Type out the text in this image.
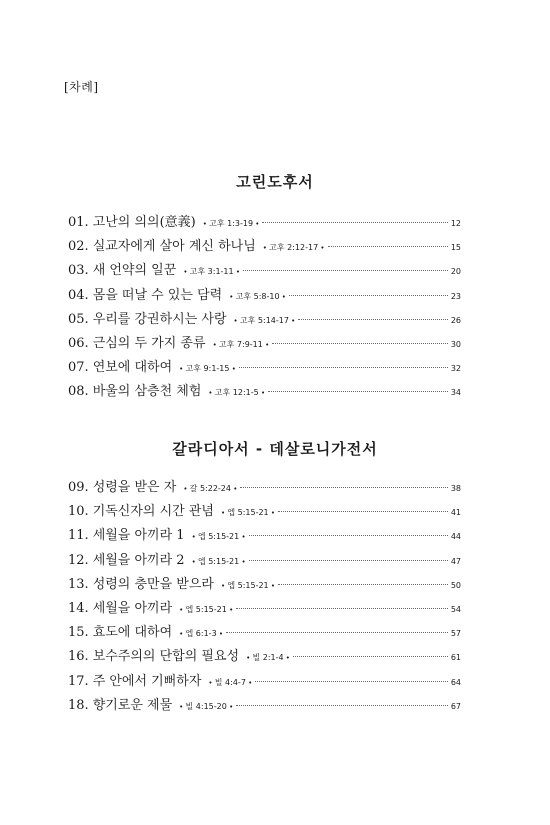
[차례]
고린도후서
01. 고난의 의의(意義)	• 고후 1:3-19 •	12
02. 실교자에게 살아 계신 하나님	• 고후 2:12-17 •	15
03. 새 언약의 일꾼	• 고후 3:1-11 •	20
04. 몸을 떠날 수 있는 담력	• 고후 5:8-10 •	23
05. 우리를 강권하시는 사랑	• 고후 5:14-17 •	26
06. 근심의 두 가지 종류	• 고후 7:9-11 •	30
07. 연보에 대하여	• 고후 9:1-15 •	32
08. 바울의 삼층천 체험	• 고후 12:1-5 •	34
갈라디아서 - 데살로니가전서
09. 성령을 받은 자	• 갈 5:22-24 •	38
10. 기독신자의 시간 관념	• 엡 5:15-21 •	41
11. 세월을 아끼라 1	• 엡 5:15-21 •	44
12. 세월을 아끼라 2	• 엡 5:15-21 •	47
13. 성령의 충만을 받으라	• 엡 5:15-21 •	50
14. 세월을 아끼라	• 엡 5:15-21 •	54
15. 효도에 대하여	• 엡 6:1-3 •	57
16. 보수주의의 단합의 필요성	• 빌 2:1-4 •	61
17. 주 안에서 기뻐하자	• 빌 4:4-7 •	64
18. 향기로운 제물	• 빌 4:15-20 •	67
